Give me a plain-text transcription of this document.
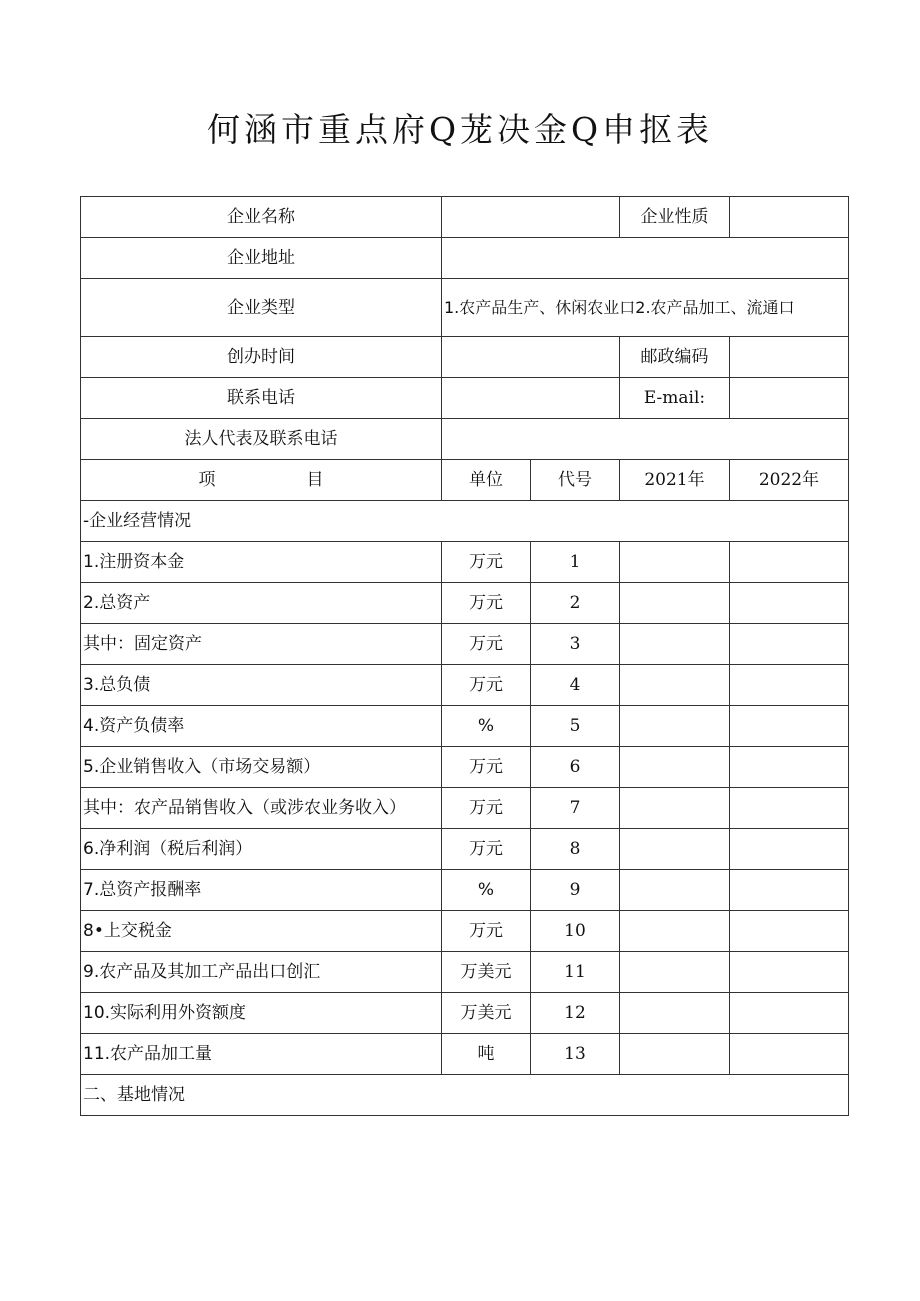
何涵市重点府Q茏决金Q申抠表
企业名称			企业性质	
企业地址				
企业类型	1.农产品生产、休闲农业口2.农产品加工、流通口			
创办时间			邮政编码	
联系电话			E-mail:	
法人代表及联系电话				

项 目	单位	代号	2021年	2022年
-企业经营情况				
1.注册资本金	万元	1		
2.总资产	万元	2		
其中：固定资产	万元	3		
3.总负债	万元	4		
4.资产负债率	%	5		
5.企业销售收入（市场交易额）	万元	6		
其中：农产品销售收入（或涉农业务收入）	万元	7		
6.净利润（税后利润）	万元	8		
7.总资产报酬率	%	9		
8•上交税金	万元	10		
9.农产品及其加工产品出口创汇	万美元	11		
10.实际利用外资额度	万美元	12		
11.农产品加工量	吨	13		
二、基地情况				
